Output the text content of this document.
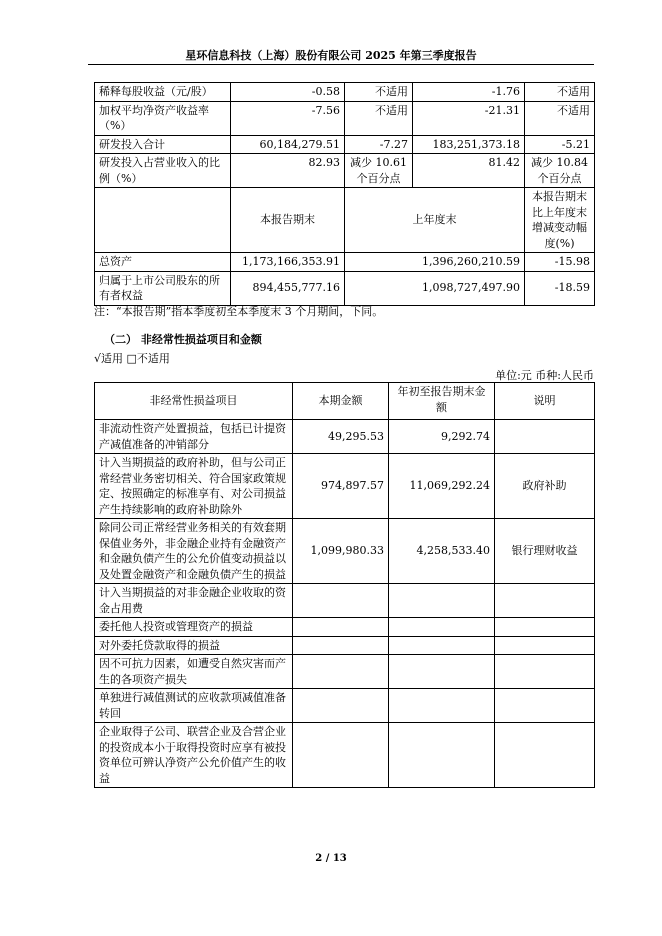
星环信息科技（上海）股份有限公司 2025 年第三季度报告
稀释每股收益（元/股）	-0.58	不适用	-1.76	不适用
加权平均净资产收益率（%）	-7.56	不适用	-21.31	不适用
研发投入合计	60,184,279.51	-7.27	183,251,373.18	-5.21
研发投入占营业收入的比例（%）	82.93	减少 10.61 个百分点	81.42	减少 10.84 个百分点
	本报告期末	上年度末		本报告期末比上年度末增减变动幅度(%)
总资产	1,173,166,353.91	1,396,260,210.59		-15.98
归属于上市公司股东的所有者权益	894,455,777.16	1,098,727,497.90		-18.59
注：“本报告期”指本季度初至本季度末 3 个月期间，下同。
（二） 非经常性损益项目和金额
√适用 □不适用
单位:元 币种:人民币
非经常性损益项目	本期金额	年初至报告期末金额	说明
非流动性资产处置损益，包括已计提资产减值准备的冲销部分	49,295.53	9,292.74	
计入当期损益的政府补助，但与公司正常经营业务密切相关、符合国家政策规定、按照确定的标准享有、对公司损益产生持续影响的政府补助除外	974,897.57	11,069,292.24	政府补助
除同公司正常经营业务相关的有效套期保值业务外，非金融企业持有金融资产和金融负债产生的公允价值变动损益以及处置金融资产和金融负债产生的损益	1,099,980.33	4,258,533.40	银行理财收益
计入当期损益的对非金融企业收取的资金占用费			
委托他人投资或管理资产的损益			
对外委托贷款取得的损益			
因不可抗力因素，如遭受自然灾害而产生的各项资产损失			
单独进行减值测试的应收款项减值准备转回			
企业取得子公司、联营企业及合营企业的投资成本小于取得投资时应享有被投资单位可辨认净资产公允价值产生的收益			
2 / 13
